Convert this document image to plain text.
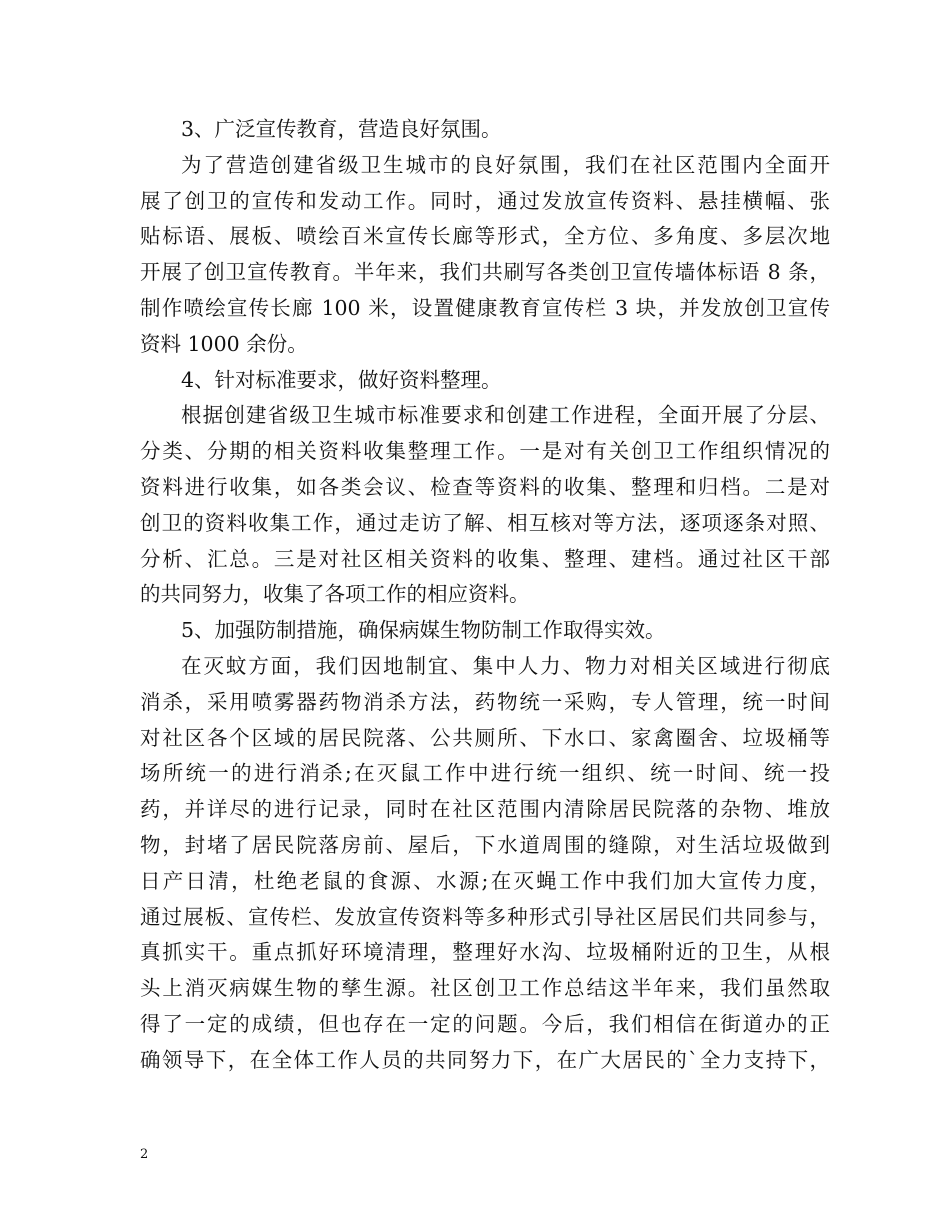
3、广泛宣传教育，营造良好氛围。
为了营造创建省级卫生城市的良好氛围，我们在社区范围内全面开
展了创卫的宣传和发动工作。同时，通过发放宣传资料、悬挂横幅、张
贴标语、展板、喷绘百米宣传长廊等形式，全方位、多角度、多层次地
开展了创卫宣传教育。半年来，我们共刷写各类创卫宣传墙体标语 8 条，
制作喷绘宣传长廊 100 米，设置健康教育宣传栏 3 块，并发放创卫宣传
资料 1000 余份。
4、针对标准要求，做好资料整理。
根据创建省级卫生城市标准要求和创建工作进程，全面开展了分层、
分类、分期的相关资料收集整理工作。一是对有关创卫工作组织情况的
资料进行收集，如各类会议、检查等资料的收集、整理和归档。二是对
创卫的资料收集工作，通过走访了解、相互核对等方法，逐项逐条对照、
分析、汇总。三是对社区相关资料的收集、整理、建档。通过社区干部
的共同努力，收集了各项工作的相应资料。
5、加强防制措施，确保病媒生物防制工作取得实效。
在灭蚊方面，我们因地制宜、集中人力、物力对相关区域进行彻底
消杀，采用喷雾器药物消杀方法，药物统一采购，专人管理，统一时间
对社区各个区域的居民院落、公共厕所、下水口、家禽圈舍、垃圾桶等
场所统一的进行消杀;在灭鼠工作中进行统一组织、统一时间、统一投
药，并详尽的进行记录，同时在社区范围内清除居民院落的杂物、堆放
物，封堵了居民院落房前、屋后，下水道周围的缝隙，对生活垃圾做到
日产日清，杜绝老鼠的食源、水源;在灭蝇工作中我们加大宣传力度，
通过展板、宣传栏、发放宣传资料等多种形式引导社区居民们共同参与，
真抓实干。重点抓好环境清理，整理好水沟、垃圾桶附近的卫生，从根
头上消灭病媒生物的孳生源。社区创卫工作总结这半年来，我们虽然取
得了一定的成绩，但也存在一定的问题。今后，我们相信在街道办的正
确领导下，在全体工作人员的共同努力下，在广大居民的`全力支持下，
2
